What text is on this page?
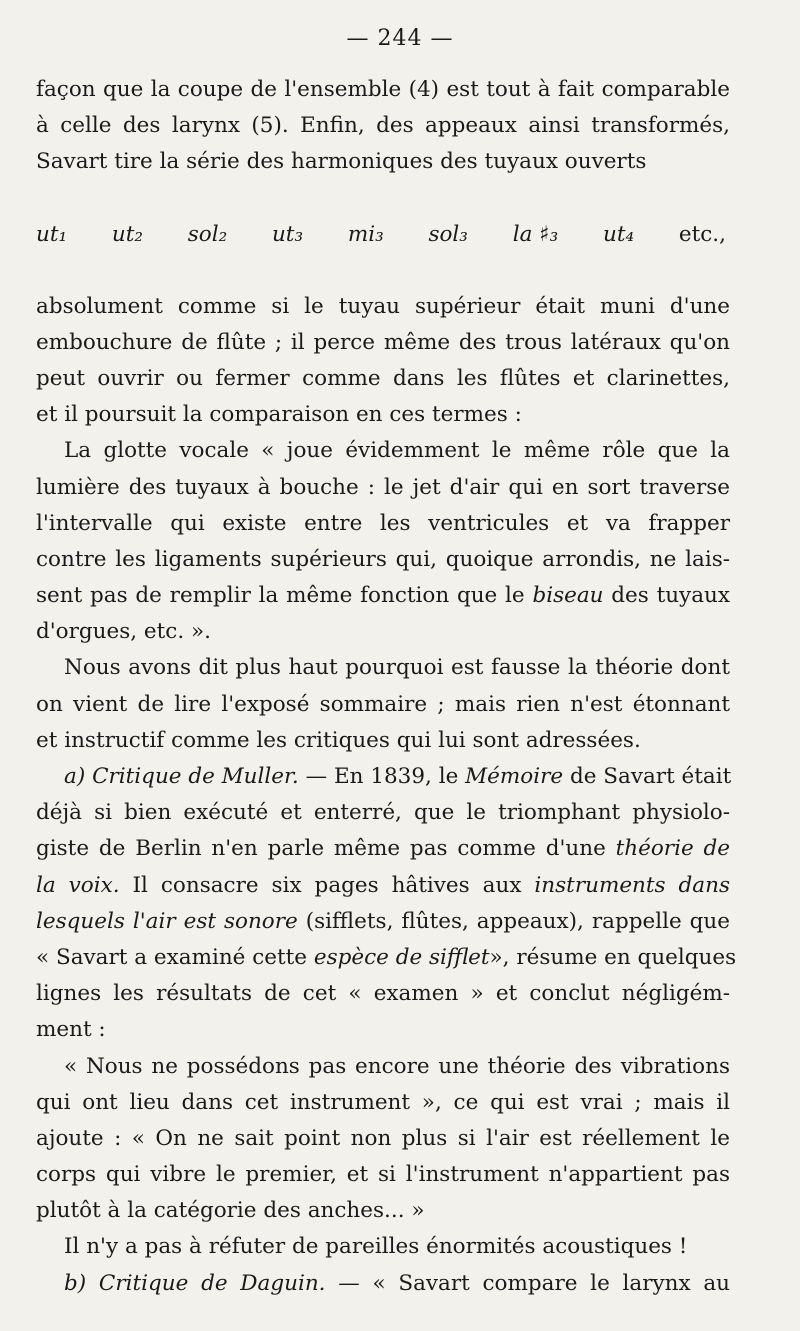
— 244 —
façon que la coupe de l'ensemble (4) est tout à fait comparable
à celle des larynx (5). Enfin, des appeaux ainsi transformés,
Savart tire la série des harmoniques des tuyaux ouverts
ut₁ ut₂ sol₂ ut₃ mi₃ sol₃ la ♯₃ ut₄ etc.,
absolument comme si le tuyau supérieur était muni d'une
embouchure de flûte ; il perce même des trous latéraux qu'on
peut ouvrir ou fermer comme dans les flûtes et clarinettes,
et il poursuit la comparaison en ces termes :
La glotte vocale « joue évidemment le même rôle que la
lumière des tuyaux à bouche : le jet d'air qui en sort traverse
l'intervalle qui existe entre les ventricules et va frapper
contre les ligaments supérieurs qui, quoique arrondis, ne lais-
sent pas de remplir la même fonction que le biseau des tuyaux
d'orgues, etc. ».
Nous avons dit plus haut pourquoi est fausse la théorie dont
on vient de lire l'exposé sommaire ; mais rien n'est étonnant
et instructif comme les critiques qui lui sont adressées.
a) Critique de Muller. — En 1839, le Mémoire de Savart était
déjà si bien exécuté et enterré, que le triomphant physiolo-
giste de Berlin n'en parle même pas comme d'une théorie de
la voix. Il consacre six pages hâtives aux instruments dans
lesquels l'air est sonore (sifflets, flûtes, appeaux), rappelle que
« Savart a examiné cette espèce de sifflet», résume en quelques
lignes les résultats de cet « examen » et conclut négligém-
ment :
« Nous ne possédons pas encore une théorie des vibrations
qui ont lieu dans cet instrument », ce qui est vrai ; mais il
ajoute : « On ne sait point non plus si l'air est réellement le
corps qui vibre le premier, et si l'instrument n'appartient pas
plutôt à la catégorie des anches... »
Il n'y a pas à réfuter de pareilles énormités acoustiques !
b) Critique de Daguin. — « Savart compare le larynx au
